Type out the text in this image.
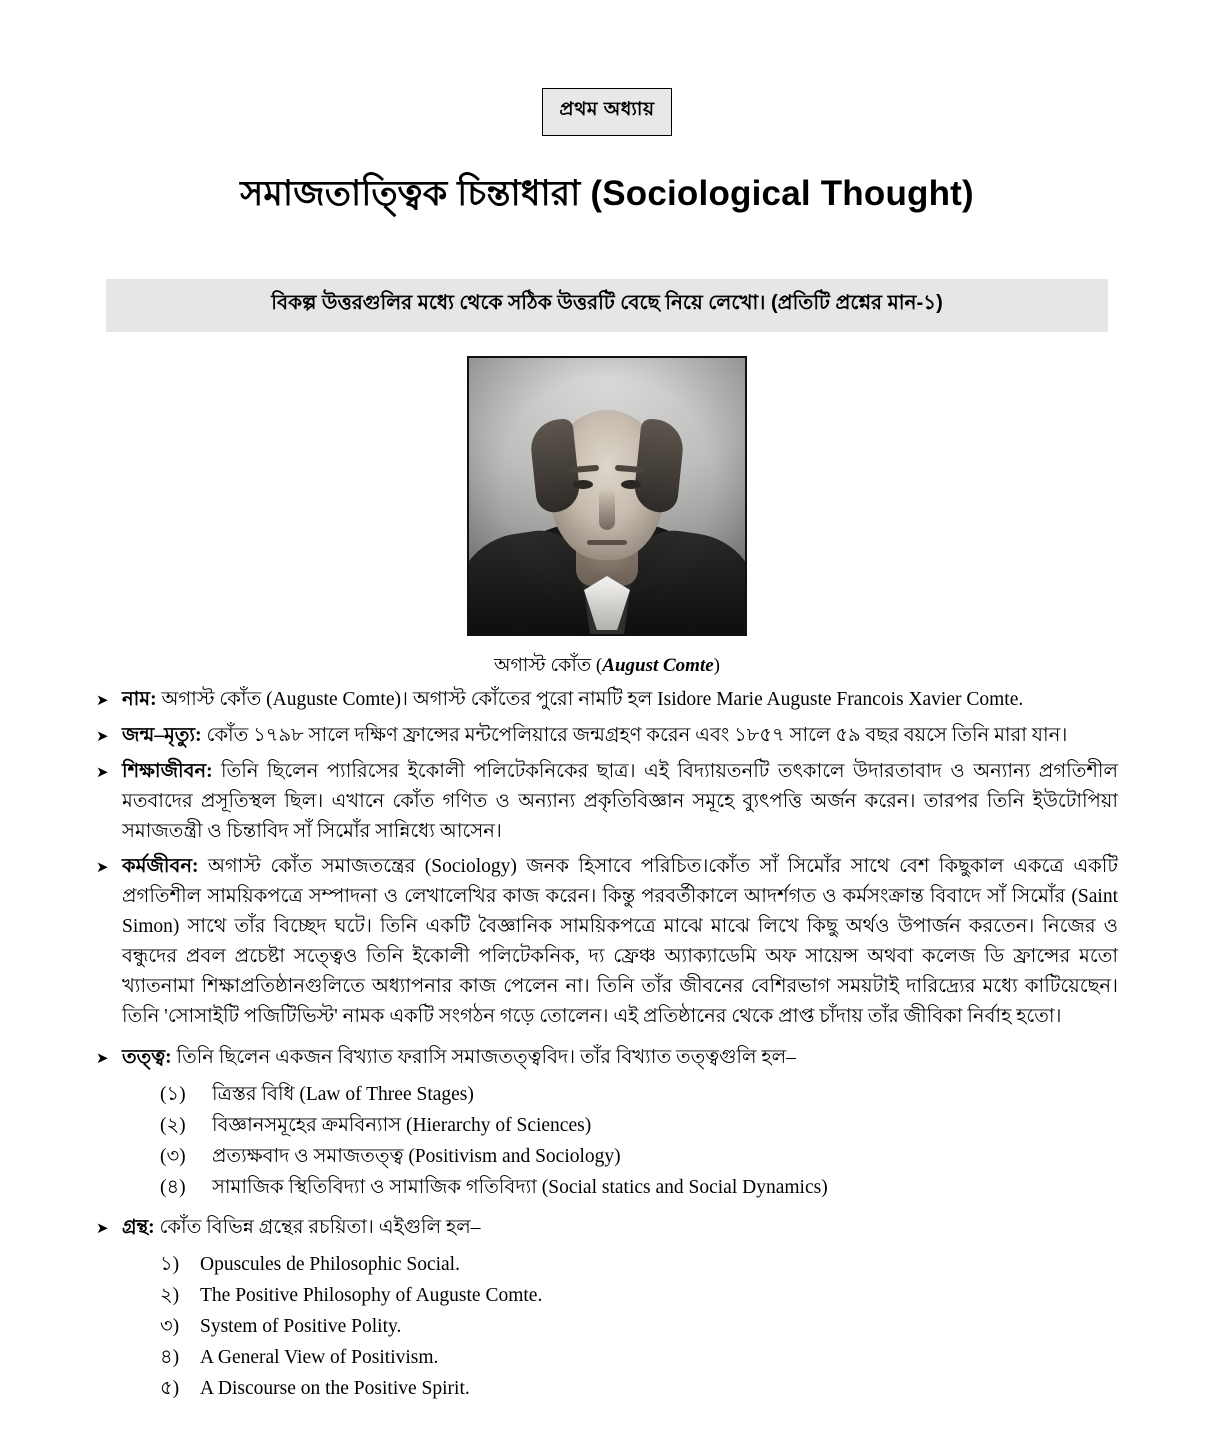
প্রথম অধ্যায়
সমাজতাত্ত্বিক চিন্তাধারা (Sociological Thought)
বিকল্প উত্তরগুলির মধ্যে থেকে সঠিক উত্তরটি বেছে নিয়ে লেখো। (প্রতিটি প্রশ্নের মান-১)
অগাস্ট কোঁত (August Comte)
➤ নাম: অগাস্ট কোঁত (Auguste Comte)। অগাস্ট কোঁতের পুরো নামটি হল Isidore Marie Auguste Francois Xavier Comte.
➤ জন্ম–মৃত্যু: কোঁত ১৭৯৮ সালে দক্ষিণ ফ্রান্সের মন্টপেলিয়ারে জন্মগ্রহণ করেন এবং ১৮৫৭ সালে ৫৯ বছর বয়সে তিনি মারা যান।
➤ শিক্ষাজীবন: তিনি ছিলেন প্যারিসের ইকোলী পলিটেকনিকের ছাত্র। এই বিদ্যায়তনটি তৎকালে উদারতাবাদ ও অন্যান্য প্রগতিশীল মতবাদের প্রসূতিস্থল ছিল। এখানে কোঁত গণিত ও অন্যান্য প্রকৃতিবিজ্ঞান সমূহে ব্যুৎপত্তি অর্জন করেন। তারপর তিনি ইউটোপিয়া সমাজতন্ত্রী ও চিন্তাবিদ সাঁ সিমোঁর সান্নিধ্যে আসেন।
➤ কর্মজীবন: অগাস্ট কোঁত সমাজতন্ত্রের (Sociology) জনক হিসাবে পরিচিত।কোঁত সাঁ সিমোঁর সাথে বেশ কিছুকাল একত্রে একটি প্রগতিশীল সাময়িকপত্রে সম্পাদনা ও লেখালেখির কাজ করেন। কিন্তু পরবর্তীকালে আদর্শগত ও কর্মসংক্রান্ত বিবাদে সাঁ সিমোঁর (Saint Simon) সাথে তাঁর বিচ্ছেদ ঘটে। তিনি একটি বৈজ্ঞানিক সাময়িকপত্রে মাঝে মাঝে লিখে কিছু অর্থও উপার্জন করতেন। নিজের ও বন্ধুদের প্রবল প্রচেষ্টা সত্ত্বেও তিনি ইকোলী পলিটেকনিক, দ্য ফ্রেঞ্চ অ্যাক্যাডেমি অফ সায়েন্স অথবা কলেজ ডি ফ্রান্সের মতো খ্যাতনামা শিক্ষাপ্রতিষ্ঠানগুলিতে অধ্যাপনার কাজ পেলেন না। তিনি তাঁর জীবনের বেশিরভাগ সময়টাই দারিদ্র্যের মধ্যে কাটিয়েছেন।তিনি 'সোসাইটি পজিটিভিস্ট' নামক একটি সংগঠন গড়ে তোলেন। এই প্রতিষ্ঠানের থেকে প্রাপ্ত চাঁদায় তাঁর জীবিকা নির্বাহ হতো।
➤ তত্ত্ব: তিনি ছিলেন একজন বিখ্যাত ফরাসি সমাজতত্ত্ববিদ। তাঁর বিখ্যাত তত্ত্বগুলি হল–
(১)	ত্রিস্তর বিধি (Law of Three Stages)
(২)	বিজ্ঞানসমূহের ক্রমবিন্যাস (Hierarchy of Sciences)
(৩)	প্রত্যক্ষবাদ ও সমাজতত্ত্ব (Positivism and Sociology)
(৪)	সামাজিক স্থিতিবিদ্যা ও সামাজিক গতিবিদ্যা (Social statics and Social Dynamics)
➤ গ্রন্থ: কোঁত বিভিন্ন গ্রন্থের রচয়িতা। এইগুলি হল–
১)	Opuscules de Philosophic Social.
২)	The Positive Philosophy of Auguste Comte.
৩)	System of Positive Polity.
৪)	A General View of Positivism.
৫)	A Discourse on the Positive Spirit.
